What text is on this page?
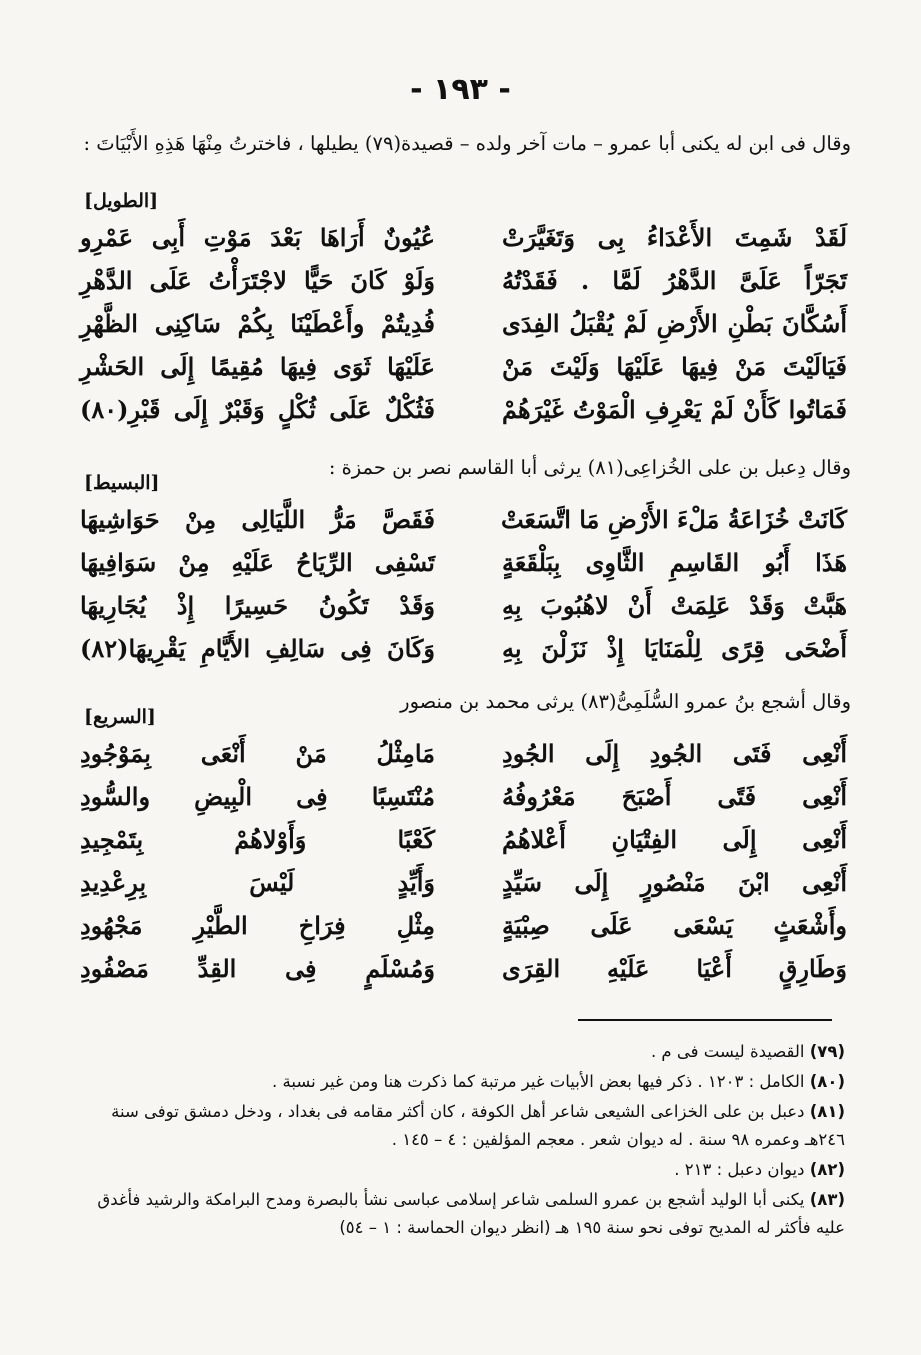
- ١٩٣ -
وقال فى ابن له يكنى أبا عمرو – مات آخر ولده – قصيدة(٧٩) يطيلها ، فاخترتُ مِنْهَا هَذِهِ الأَبْيَاتَ :
[الطويل]
لَقَدْ شَمِتَ الأَعْدَاءُ بِى وَتَغَيَّرَتْ
عُيُونٌ أَرَاهَا بَعْدَ مَوْتِ أَبِى عَمْرِو
تَجَرّاً عَلَىَّ الدَّهْرُ لَمَّا . فَقَدْتُهُ
وَلَوْ كَانَ حَيًّا لاجْتَرَأْتُ عَلَى الدَّهْرِ
أَسُكَّانَ بَطْنِ الأَرْضِ لَمْ يُقْبَلُ الفِدَى
فُدِيتُمْ وأَعْطَيْنَا بِكُمْ سَاكِنِى الظَّهْرِ
فَيَالَيْتَ مَنْ فِيهَا عَلَيْهَا وَلَيْتَ مَنْ
عَلَيْهَا ثَوَى فِيهَا مُقِيمًا إِلَى الحَشْرِ
فَمَاتُوا كَأَنْ لَمْ يَعْرِفِ الْمَوْتُ غَيْرَهُمْ
فَثُكْلٌ عَلَى ثُكْلٍ وَقَبْرٌ إِلَى قَبْرِ(٨٠)
وقال دِعبل بن على الخُزاعِى(٨١) يرثى أبا القاسم نصر بن حمزة :
[البسيط]
كَانَتْ خُزَاعَةُ مَلْءَ الأَرْضِ مَا اتَّسَعَتْ
فَقَصَّ مَرُّ اللَّيَالِى مِنْ حَوَاشِيهَا
هَذَا أَبُو القَاسِمِ الثَّاوِى بِبَلْقَعَةٍ
تَسْفِى الرِّيَاحُ عَلَيْهِ مِنْ سَوَافِيهَا
هَبَّتْ وَقَدْ عَلِمَتْ أَنْ لاهُبُوبَ بِهِ
وَقَدْ تَكُونُ حَسِيرًا إِذْ يُجَارِيهَا
أَضْحَى قِرًى لِلْمَنَايَا إِذْ نَزَلْنَ بِهِ
وَكَانَ فِى سَالِفِ الأَيَّامِ يَقْرِيهَا(٨٢)
وقال أشجع بنُ عمرو السُّلَمِىُّ(٨٣) يرثى محمد بن منصور
[السريع]
أَنْعِى فَتَى الجُودِ إِلَى الجُودِ
مَامِثْلُ مَنْ أَنْعَى بِمَوْجُودِ
أَنْعِى فَتًى أَصْبَحَ مَعْرُوفُهُ
مُنْتَسِبًا فِى الْبِيضِ والسُّودِ
أَنْعِى إِلَى الفِتْيَانِ أَعْلاهُمُ
كَعْبًا وَأَوْلاهُمْ بِتَمْجِيدِ
أَنْعِى ابْنَ مَنْصُورٍ إِلَى سَيِّدٍ
وَأَيِّدٍ لَيْسَ بِرِعْدِيدِ
وأَشْعَثٍ يَسْعَى عَلَى صِبْيَةٍ
مِثْلِ فِرَاخِ الطَّيْرِ مَجْهُودِ
وَطَارِقٍ أَعْيَا عَلَيْهِ القِرَى
وَمُسْلَمٍ فِى القِدِّ مَصْفُودِ

(٧٩) القصيدة ليست فى م .

(٨٠) الكامل : ١٢٠٣ . ذكر فيها بعض الأبيات غير مرتبة كما ذكرت هنا ومن غير نسبة .

(٨١) دعبل بن على الخزاعى الشيعى شاعر أهل الكوفة ، كان أكثر مقامه فى بغداد ، ودخل دمشق توفى سنة ٢٤٦هـ وعمره ٩٨ سنة . له ديوان شعر . معجم المؤلفين : ٤ – ١٤٥ .

(٨٢) ديوان دعبل : ٢١٣ .

(٨٣) يكنى أبا الوليد أشجع بن عمرو السلمى شاعر إسلامى عباسى نشأ بالبصرة ومدح البرامكة والرشيد فأغدق عليه فأكثر له المديح توفى نحو سنة ١٩٥ هـ (انظر ديوان الحماسة : ١ – ٥٤)
